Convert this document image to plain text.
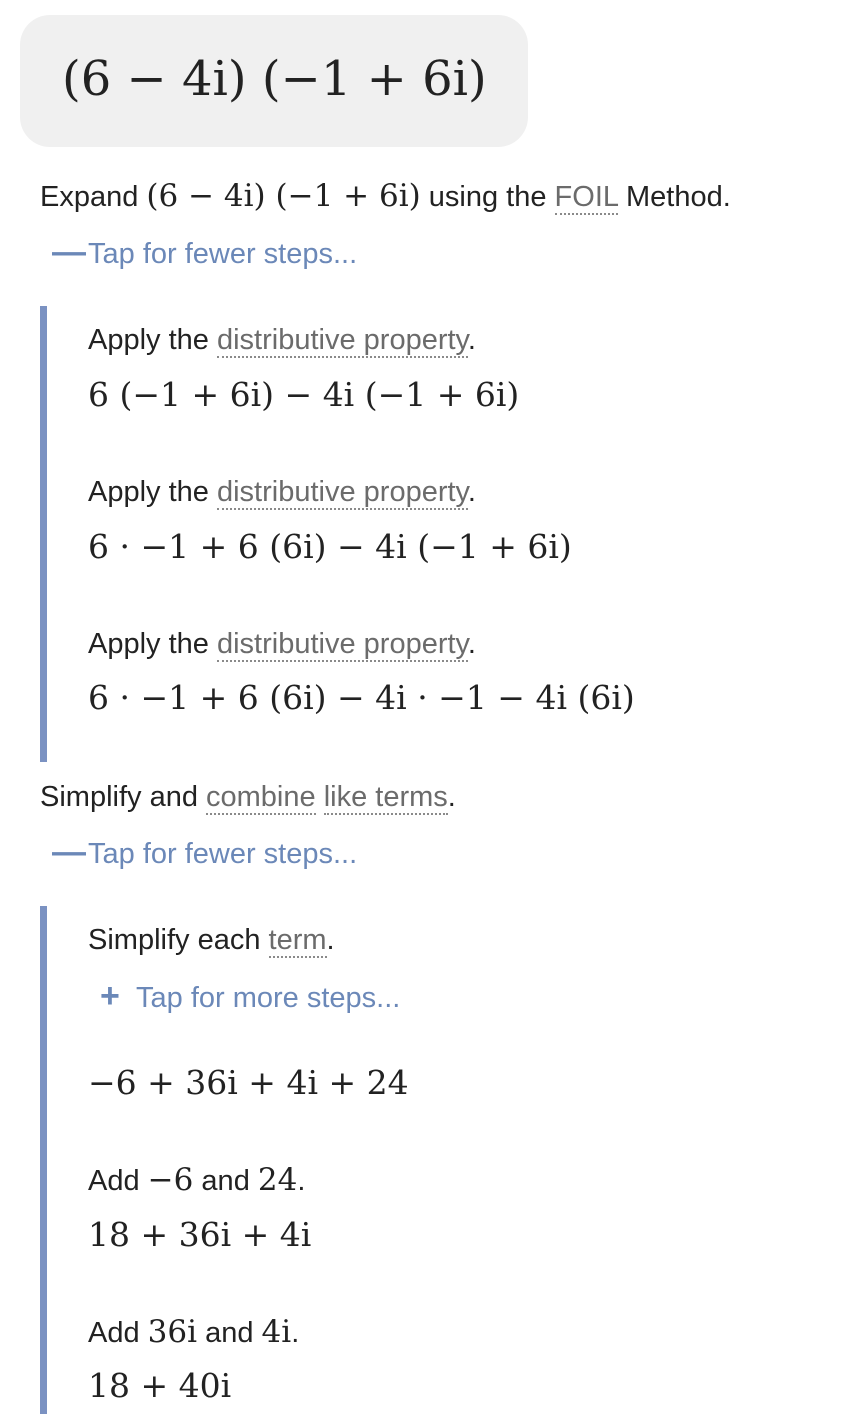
(6 − 4i) (−1 + 6i)
Expand (6 − 4i) (−1 + 6i) using the FOIL Method.
—Tap for fewer steps...
Apply the distributive property.
6 (−1 + 6i) − 4i (−1 + 6i)
Apply the distributive property.
6 · −1 + 6 (6i) − 4i (−1 + 6i)
Apply the distributive property.
6 · −1 + 6 (6i) − 4i · −1 − 4i (6i)
Simplify and combine like terms.
—Tap for fewer steps...
Simplify each term.
+ Tap for more steps...
−6 + 36i + 4i + 24
Add −6 and 24.
18 + 36i + 4i
Add 36i and 4i.
18 + 40i
